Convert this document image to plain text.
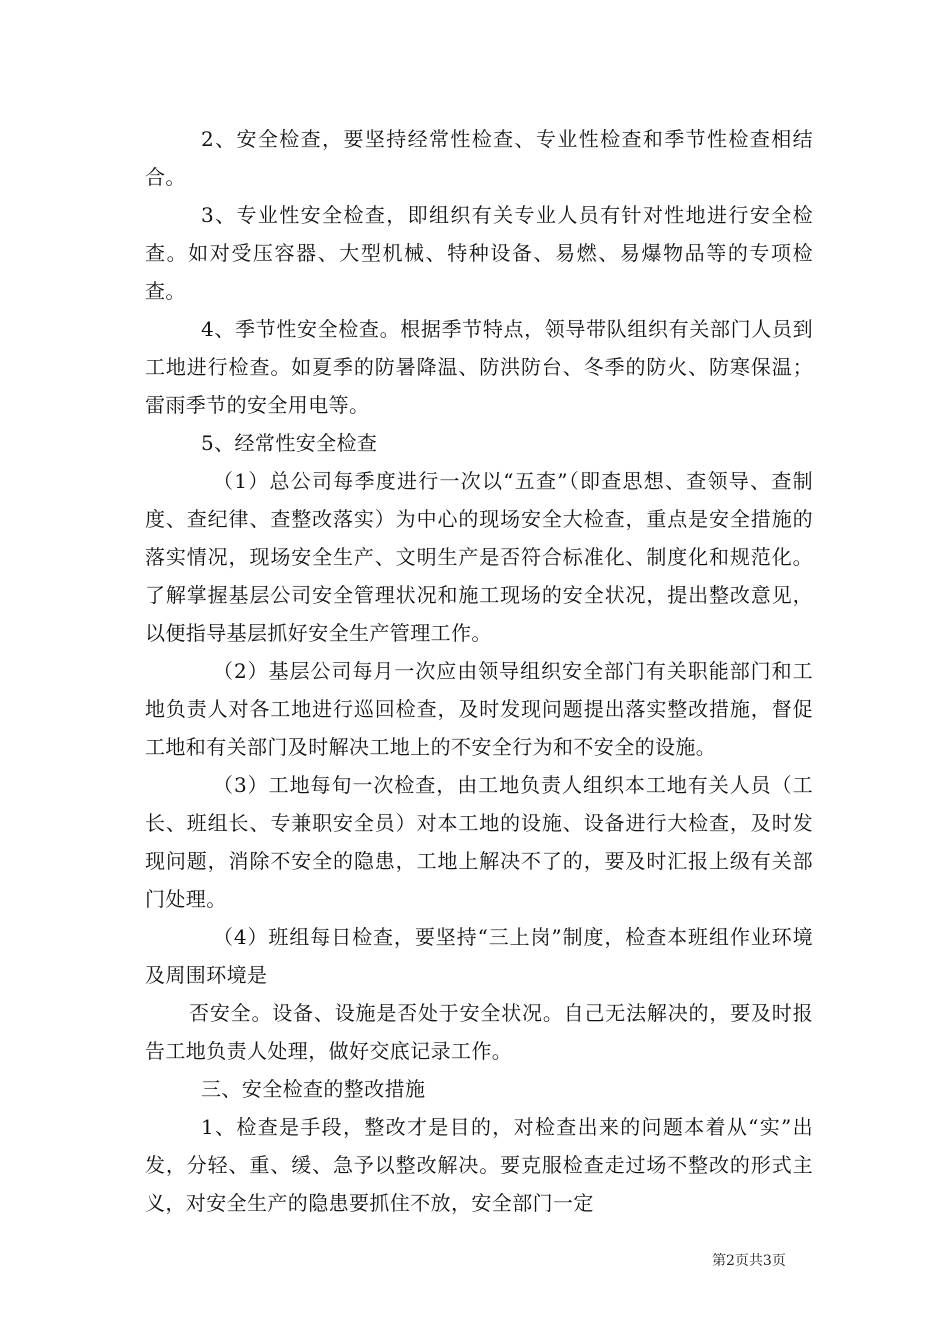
2、安全检查，要坚持经常性检查、专业性检查和季节性检查相结合。

3、专业性安全检查，即组织有关专业人员有针对性地进行安全检查。如对受压容器、大型机械、特种设备、易燃、易爆物品等的专项检查。

4、季节性安全检查。根据季节特点，领导带队组织有关部门人员到工地进行检查。如夏季的防暑降温、防洪防台、冬季的防火、防寒保温；雷雨季节的安全用电等。

5、经常性安全检查

（1）总公司每季度进行一次以“五查”（即查思想、查领导、查制度、查纪律、查整改落实）为中心的现场安全大检查，重点是安全措施的落实情况，现场安全生产、文明生产是否符合标准化、制度化和规范化。了解掌握基层公司安全管理状况和施工现场的安全状况，提出整改意见，以便指导基层抓好安全生产管理工作。

（2）基层公司每月一次应由领导组织安全部门有关职能部门和工地负责人对各工地进行巡回检查，及时发现问题提出落实整改措施，督促工地和有关部门及时解决工地上的不安全行为和不安全的设施。

（3）工地每旬一次检查，由工地负责人组织本工地有关人员（工长、班组长、专兼职安全员）对本工地的设施、设备进行大检查，及时发现问题，消除不安全的隐患，工地上解决不了的，要及时汇报上级有关部门处理。

（4）班组每日检查，要坚持“三上岗”制度，检查本班组作业环境及周围环境是

否安全。设备、设施是否处于安全状况。自己无法解决的，要及时报告工地负责人处理，做好交底记录工作。

三、安全检查的整改措施

1、检查是手段，整改才是目的，对检查出来的问题本着从“实”出发，分轻、重、缓、急予以整改解决。要克服检查走过场不整改的形式主义，对安全生产的隐患要抓住不放，安全部门一定

第2页共3页
